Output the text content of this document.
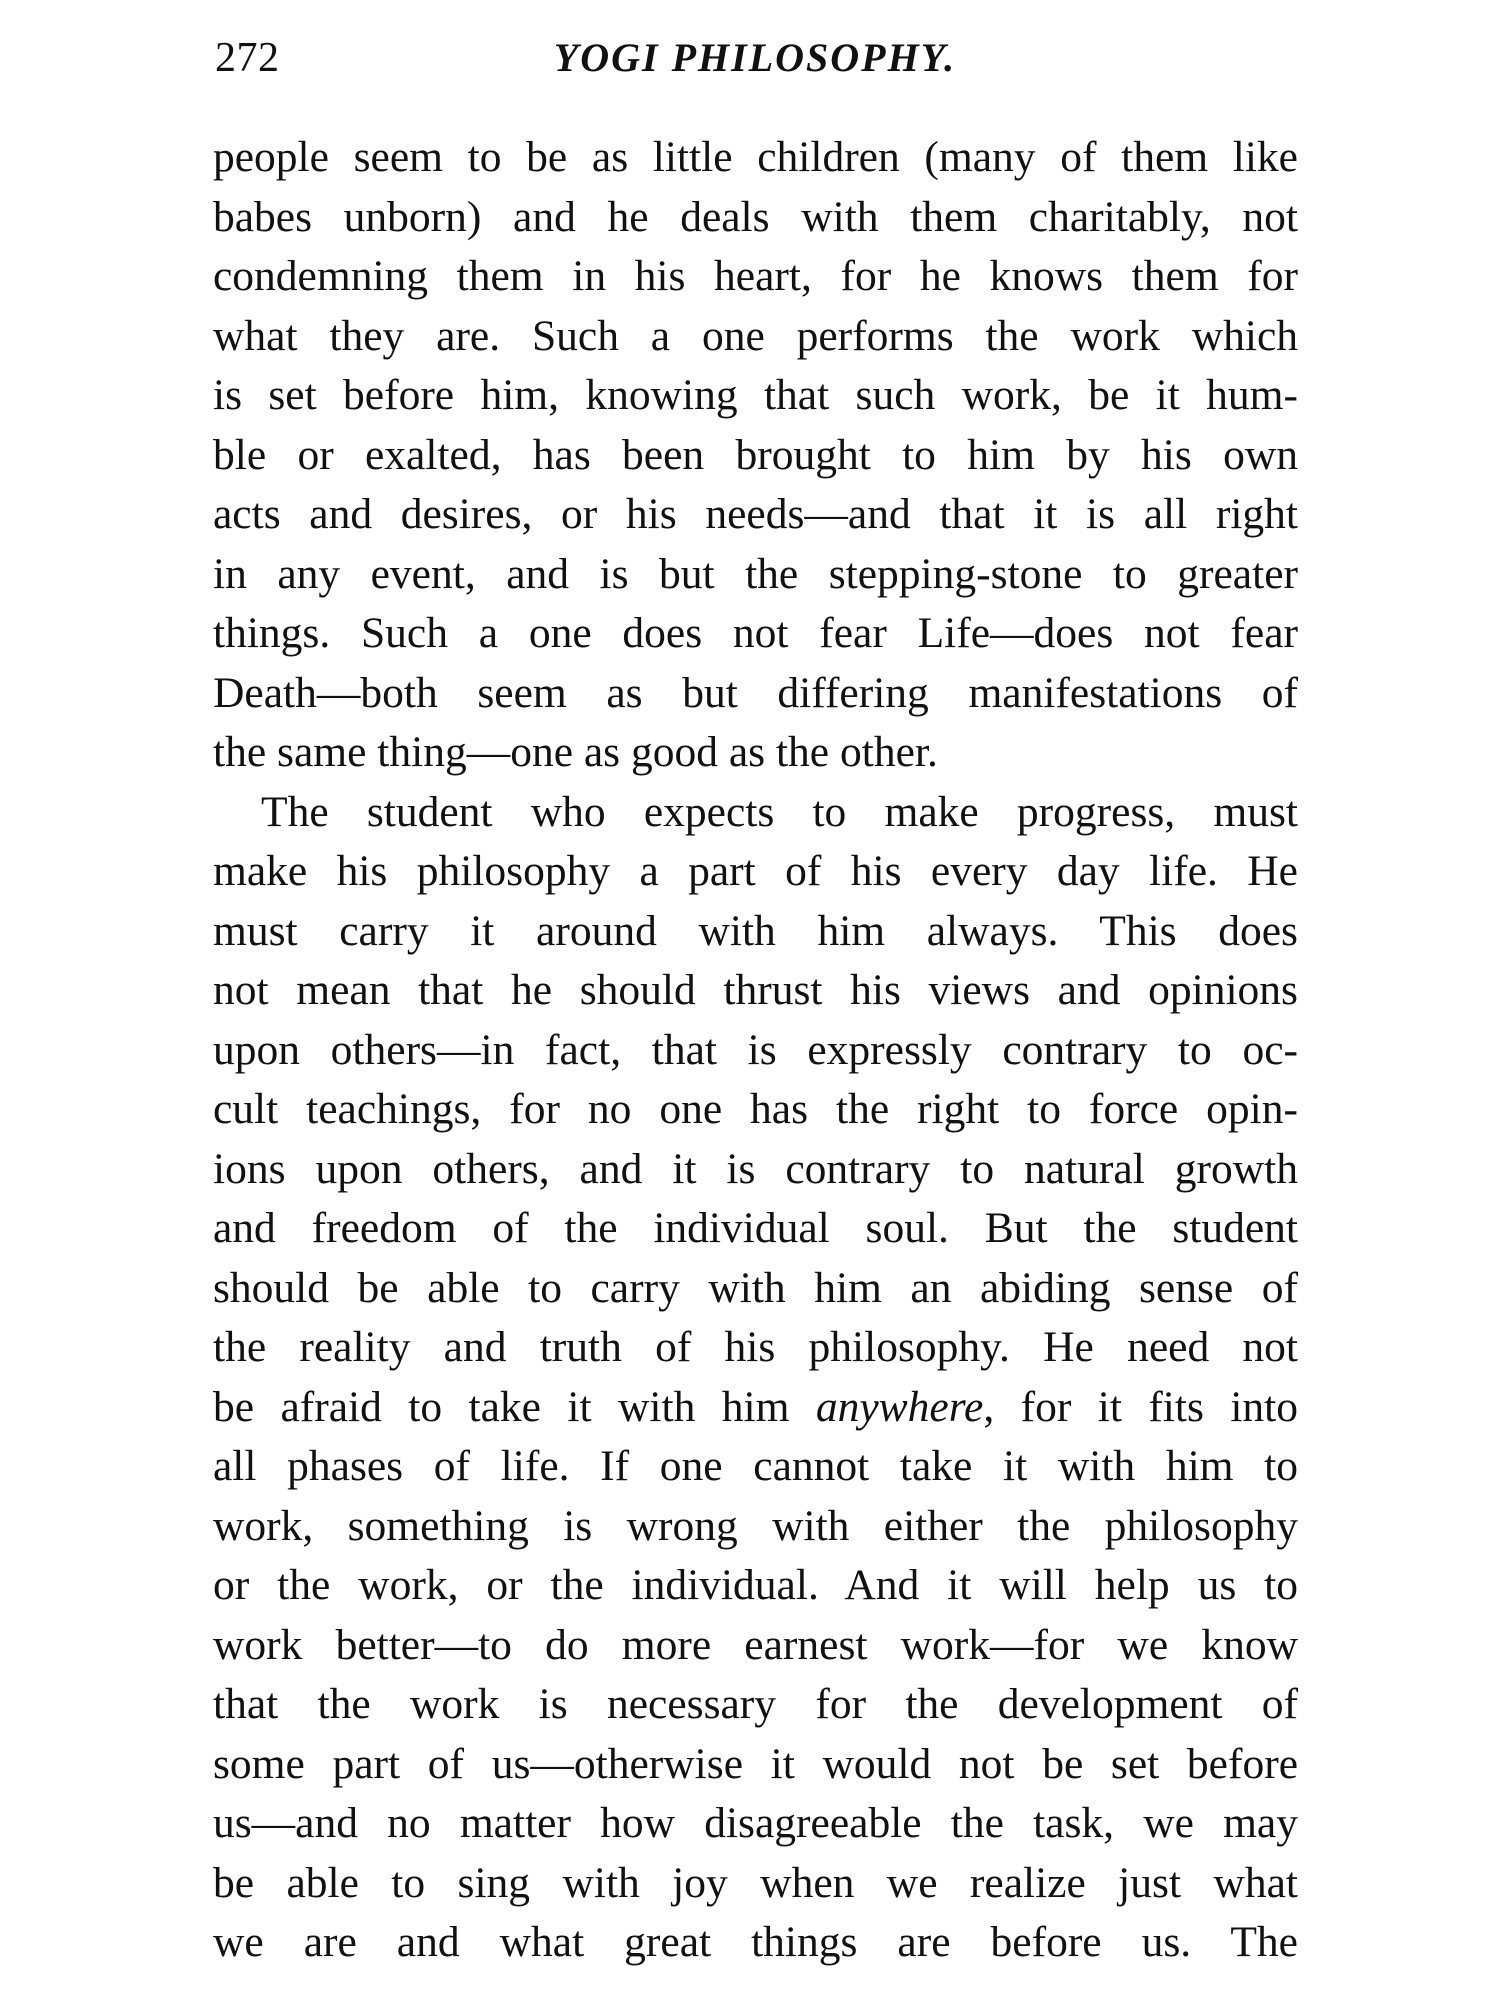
272	YOGI PHILOSOPHY.
people seem to be as little children (many of them like
babes unborn) and he deals with them charitably, not
condemning them in his heart, for he knows them for
what they are. Such a one performs the work which
is set before him, knowing that such work, be it hum-
ble or exalted, has been brought to him by his own
acts and desires, or his needs—and that it is all right
in any event, and is but the stepping-stone to greater
things. Such a one does not fear Life—does not fear
Death—both seem as but differing manifestations of
the same thing—one as good as the other.
The student who expects to make progress, must
make his philosophy a part of his every day life. He
must carry it around with him always. This does
not mean that he should thrust his views and opinions
upon others—in fact, that is expressly contrary to oc-
cult teachings, for no one has the right to force opin-
ions upon others, and it is contrary to natural growth
and freedom of the individual soul. But the student
should be able to carry with him an abiding sense of
the reality and truth of his philosophy. He need not
be afraid to take it with him anywhere, for it fits into
all phases of life. If one cannot take it with him to
work, something is wrong with either the philosophy
or the work, or the individual. And it will help us to
work better—to do more earnest work—for we know
that the work is necessary for the development of
some part of us—otherwise it would not be set before
us—and no matter how disagreeable the task, we may
be able to sing with joy when we realize just what
we are and what great things are before us. The
